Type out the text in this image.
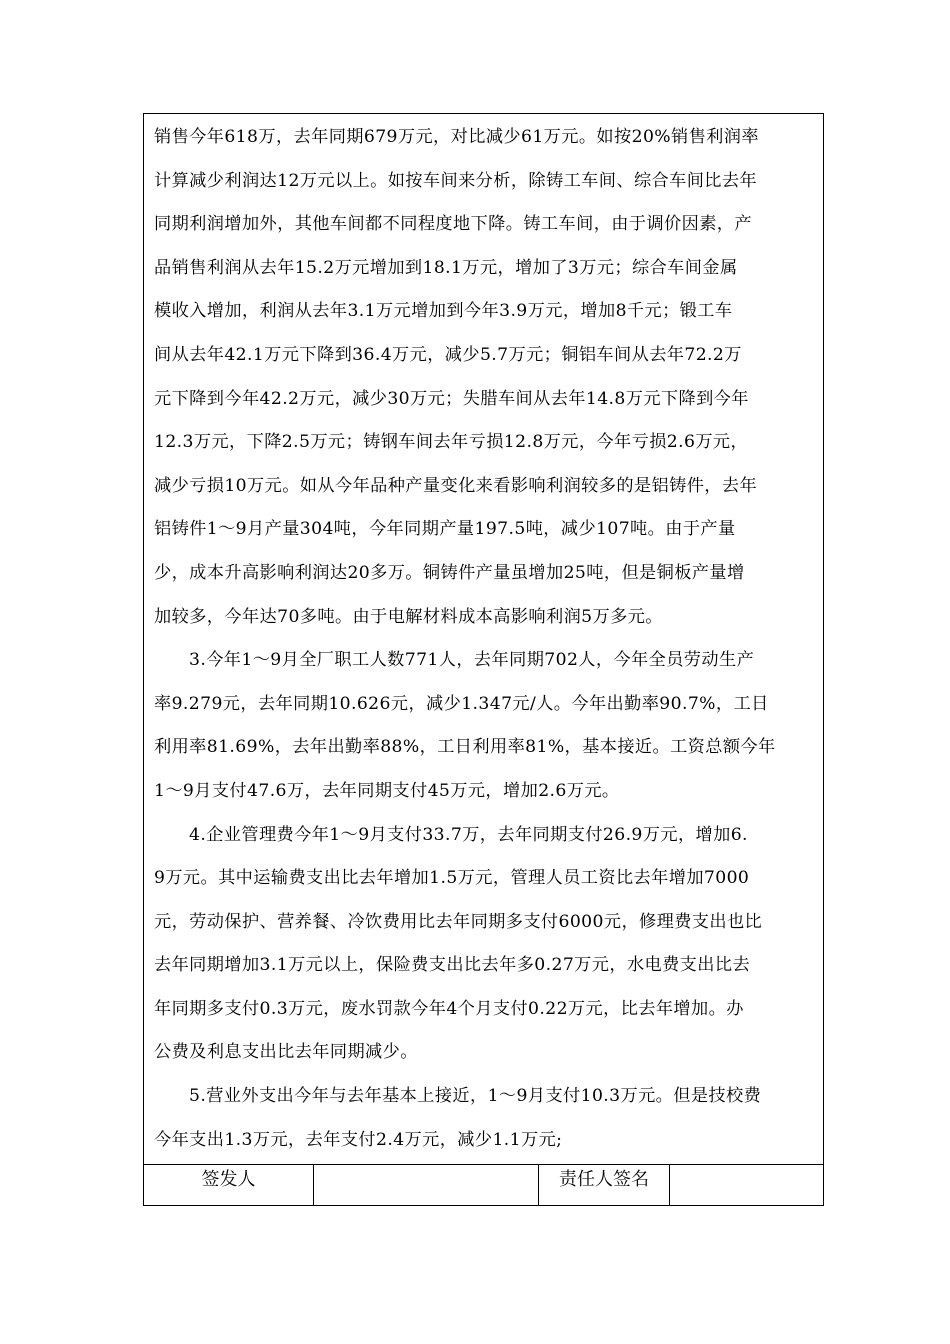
销售今年618万，去年同期679万元，对比减少61万元。如按20%销售利润率
计算减少利润达12万元以上。如按车间来分析，除铸工车间、综合车间比去年
同期利润增加外，其他车间都不同程度地下降。铸工车间，由于调价因素，产
品销售利润从去年15.2万元增加到18.1万元，增加了3万元；综合车间金属
模收入增加，利润从去年3.1万元增加到今年3.9万元，增加8千元；锻工车
间从去年42.1万元下降到36.4万元，减少5.7万元；铜铝车间从去年72.2万
元下降到今年42.2万元，减少30万元；失腊车间从去年14.8万元下降到今年
12.3万元，下降2.5万元；铸钢车间去年亏损12.8万元，今年亏损2.6万元，
减少亏损10万元。如从今年品种产量变化来看影响利润较多的是铝铸件，去年
铝铸件1～9月产量304吨，今年同期产量197.5吨，减少107吨。由于产量
少，成本升高影响利润达20多万。铜铸件产量虽增加25吨，但是铜板产量增
加较多，今年达70多吨。由于电解材料成本高影响利润5万多元。
3.今年1～9月全厂职工人数771人，去年同期702人，今年全员劳动生产
率9.279元，去年同期10.626元，减少1.347元/人。今年出勤率90.7%，工日
利用率81.69%，去年出勤率88%，工日利用率81%，基本接近。工资总额今年
1～9月支付47.6万，去年同期支付45万元，增加2.6万元。
4.企业管理费今年1～9月支付33.7万，去年同期支付26.9万元，增加6.
9万元。其中运输费支出比去年增加1.5万元，管理人员工资比去年增加7000
元，劳动保护、营养餐、冷饮费用比去年同期多支付6000元，修理费支出也比
去年同期增加3.1万元以上，保险费支出比去年多0.27万元，水电费支出比去
年同期多支付0.3万元，废水罚款今年4个月支付0.22万元，比去年增加。办
公费及利息支出比去年同期减少。
5.营业外支出今年与去年基本上接近，1～9月支付10.3万元。但是技校费
今年支出1.3万元，去年支付2.4万元，减少1.1万元;
签发人	责任人签名
